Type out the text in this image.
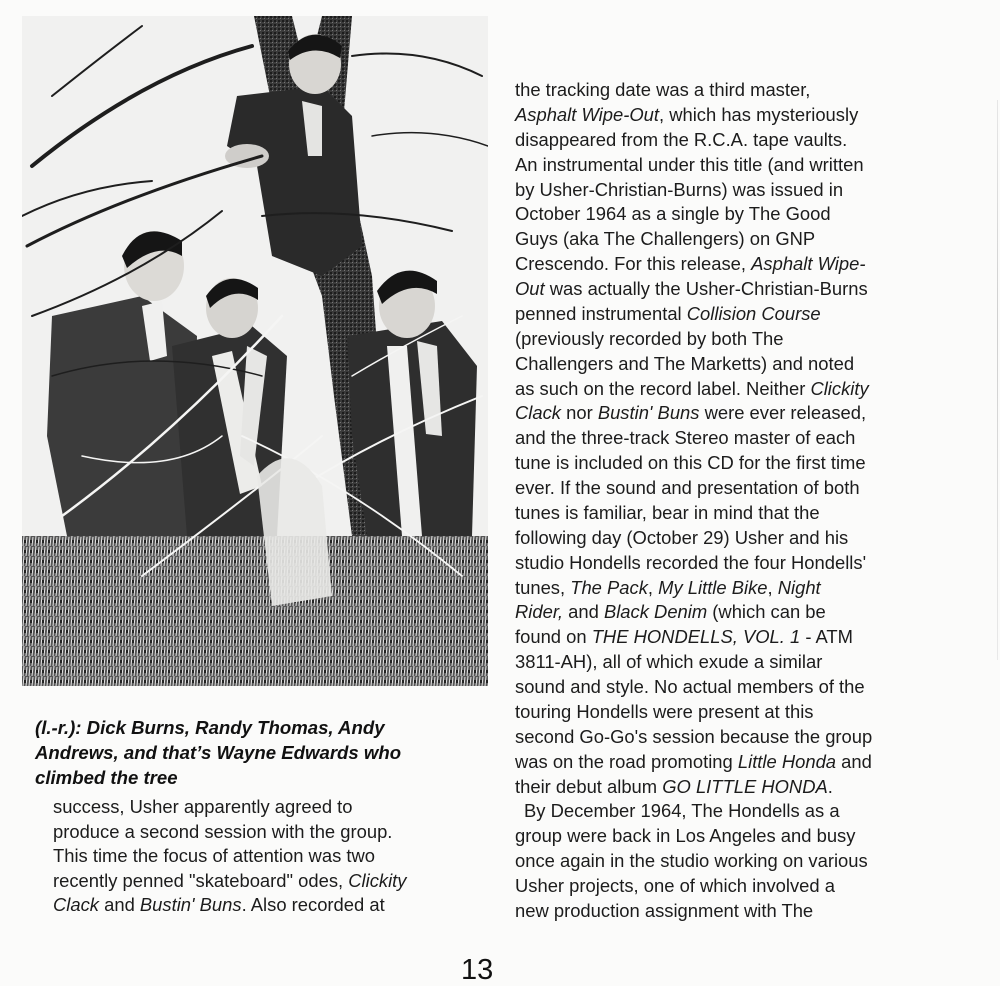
(l.-r.): Dick Burns, Randy Thomas, Andy
Andrews, and that’s Wayne Edwards who
climbed the tree
success, Usher apparently agreed to
produce a second session with the group.
This time the focus of attention was two
recently penned "skateboard" odes, Clickity
Clack and Bustin' Buns. Also recorded at
the tracking date was a third master,
Asphalt Wipe-Out, which has mysteriously
disappeared from the R.C.A. tape vaults.
An instrumental under this title (and written
by Usher-Christian-Burns) was issued in
October 1964 as a single by The Good
Guys (aka The Challengers) on GNP
Crescendo. For this release, Asphalt Wipe-
Out was actually the Usher-Christian-Burns
penned instrumental Collision Course
(previously recorded by both The
Challengers and The Marketts) and noted
as such on the record label. Neither Clickity
Clack nor Bustin' Buns were ever released,
and the three-track Stereo master of each
tune is included on this CD for the first time
ever. If the sound and presentation of both
tunes is familiar, bear in mind that the
following day (October 29) Usher and his
studio Hondells recorded the four Hondells'
tunes, The Pack, My Little Bike, Night
Rider, and Black Denim (which can be
found on THE HONDELLS, VOL. 1 - ATM
3811-AH), all of which exude a similar
sound and style. No actual members of the
touring Hondells were present at this
second Go-Go's session because the group
was on the road promoting Little Honda and
their debut album GO LITTLE HONDA.
By December 1964, The Hondells as a
group were back in Los Angeles and busy
once again in the studio working on various
Usher projects, one of which involved a
new production assignment with The
13
